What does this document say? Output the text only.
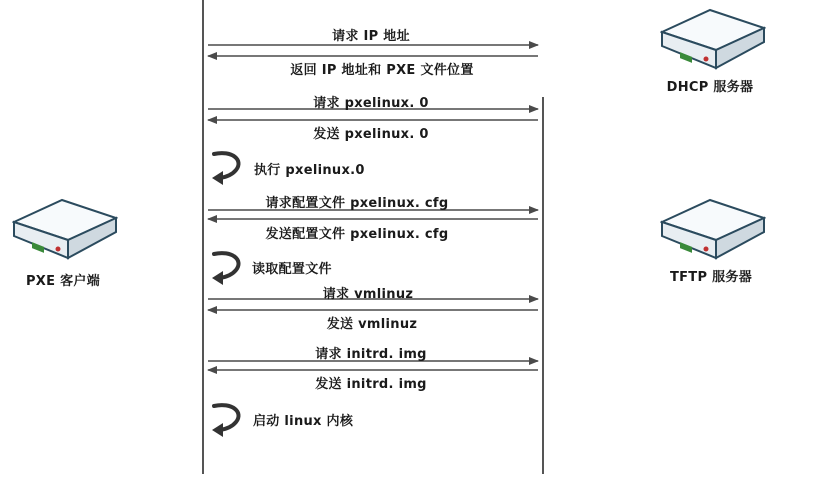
DHCP 服务器
TFTP 服务器
PXE 客户端
请求 IP 地址
返回 IP 地址和 PXE 文件位置
请求 pxelinux. 0
发送 pxelinux. 0
请求配置文件 pxelinux. cfg
发送配置文件 pxelinux. cfg
请求 vmlinuz
发送 vmlinuz
请求 initrd. img
发送 initrd. img
执行 pxelinux.0
读取配置文件
启动 linux 内核
